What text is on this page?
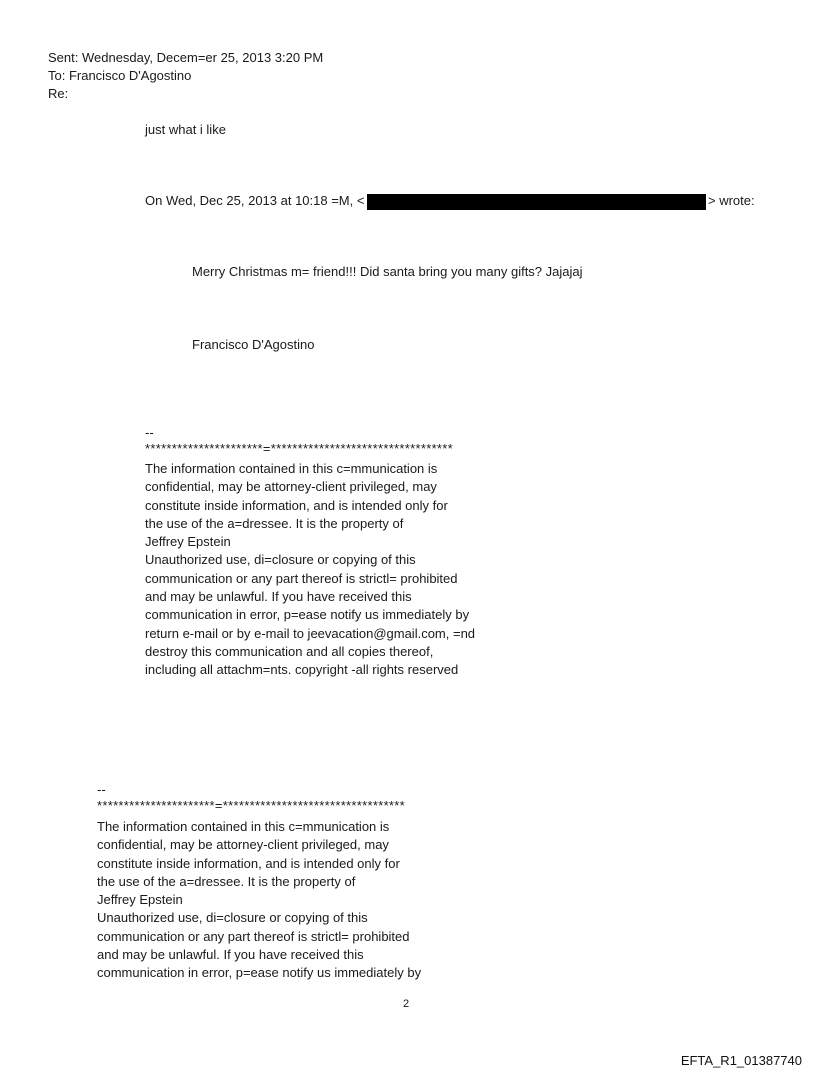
Sent: Wednesday, Decem=er 25, 2013 3:20 PM
To: Francisco D'Agostino
Re:
just what i like
On Wed, Dec 25, 2013 at 10:18 =M, <	> wrote:
Merry Christmas m= friend!!! Did santa bring you many gifts? Jajajaj
Francisco D'Agostino
--
**********************=**********************************
The information contained in this c=mmunication is
confidential, may be attorney-client privileged, may
constitute inside information, and is intended only for
the use of the a=dressee. It is the property of
Jeffrey Epstein
Unauthorized use, di=closure or copying of this
communication or any part thereof is strictl= prohibited
and may be unlawful. If you have received this
communication in error, p=ease notify us immediately by
return e-mail or by e-mail to jeevacation@gmail.com, =nd
destroy this communication and all copies thereof,
including all attachm=nts. copyright -all rights reserved
--
**********************=**********************************
The information contained in this c=mmunication is
confidential, may be attorney-client privileged, may
constitute inside information, and is intended only for
the use of the a=dressee. It is the property of
Jeffrey Epstein
Unauthorized use, di=closure or copying of this
communication or any part thereof is strictl= prohibited
and may be unlawful. If you have received this
communication in error, p=ease notify us immediately by
2
EFTA_R1_01387740
